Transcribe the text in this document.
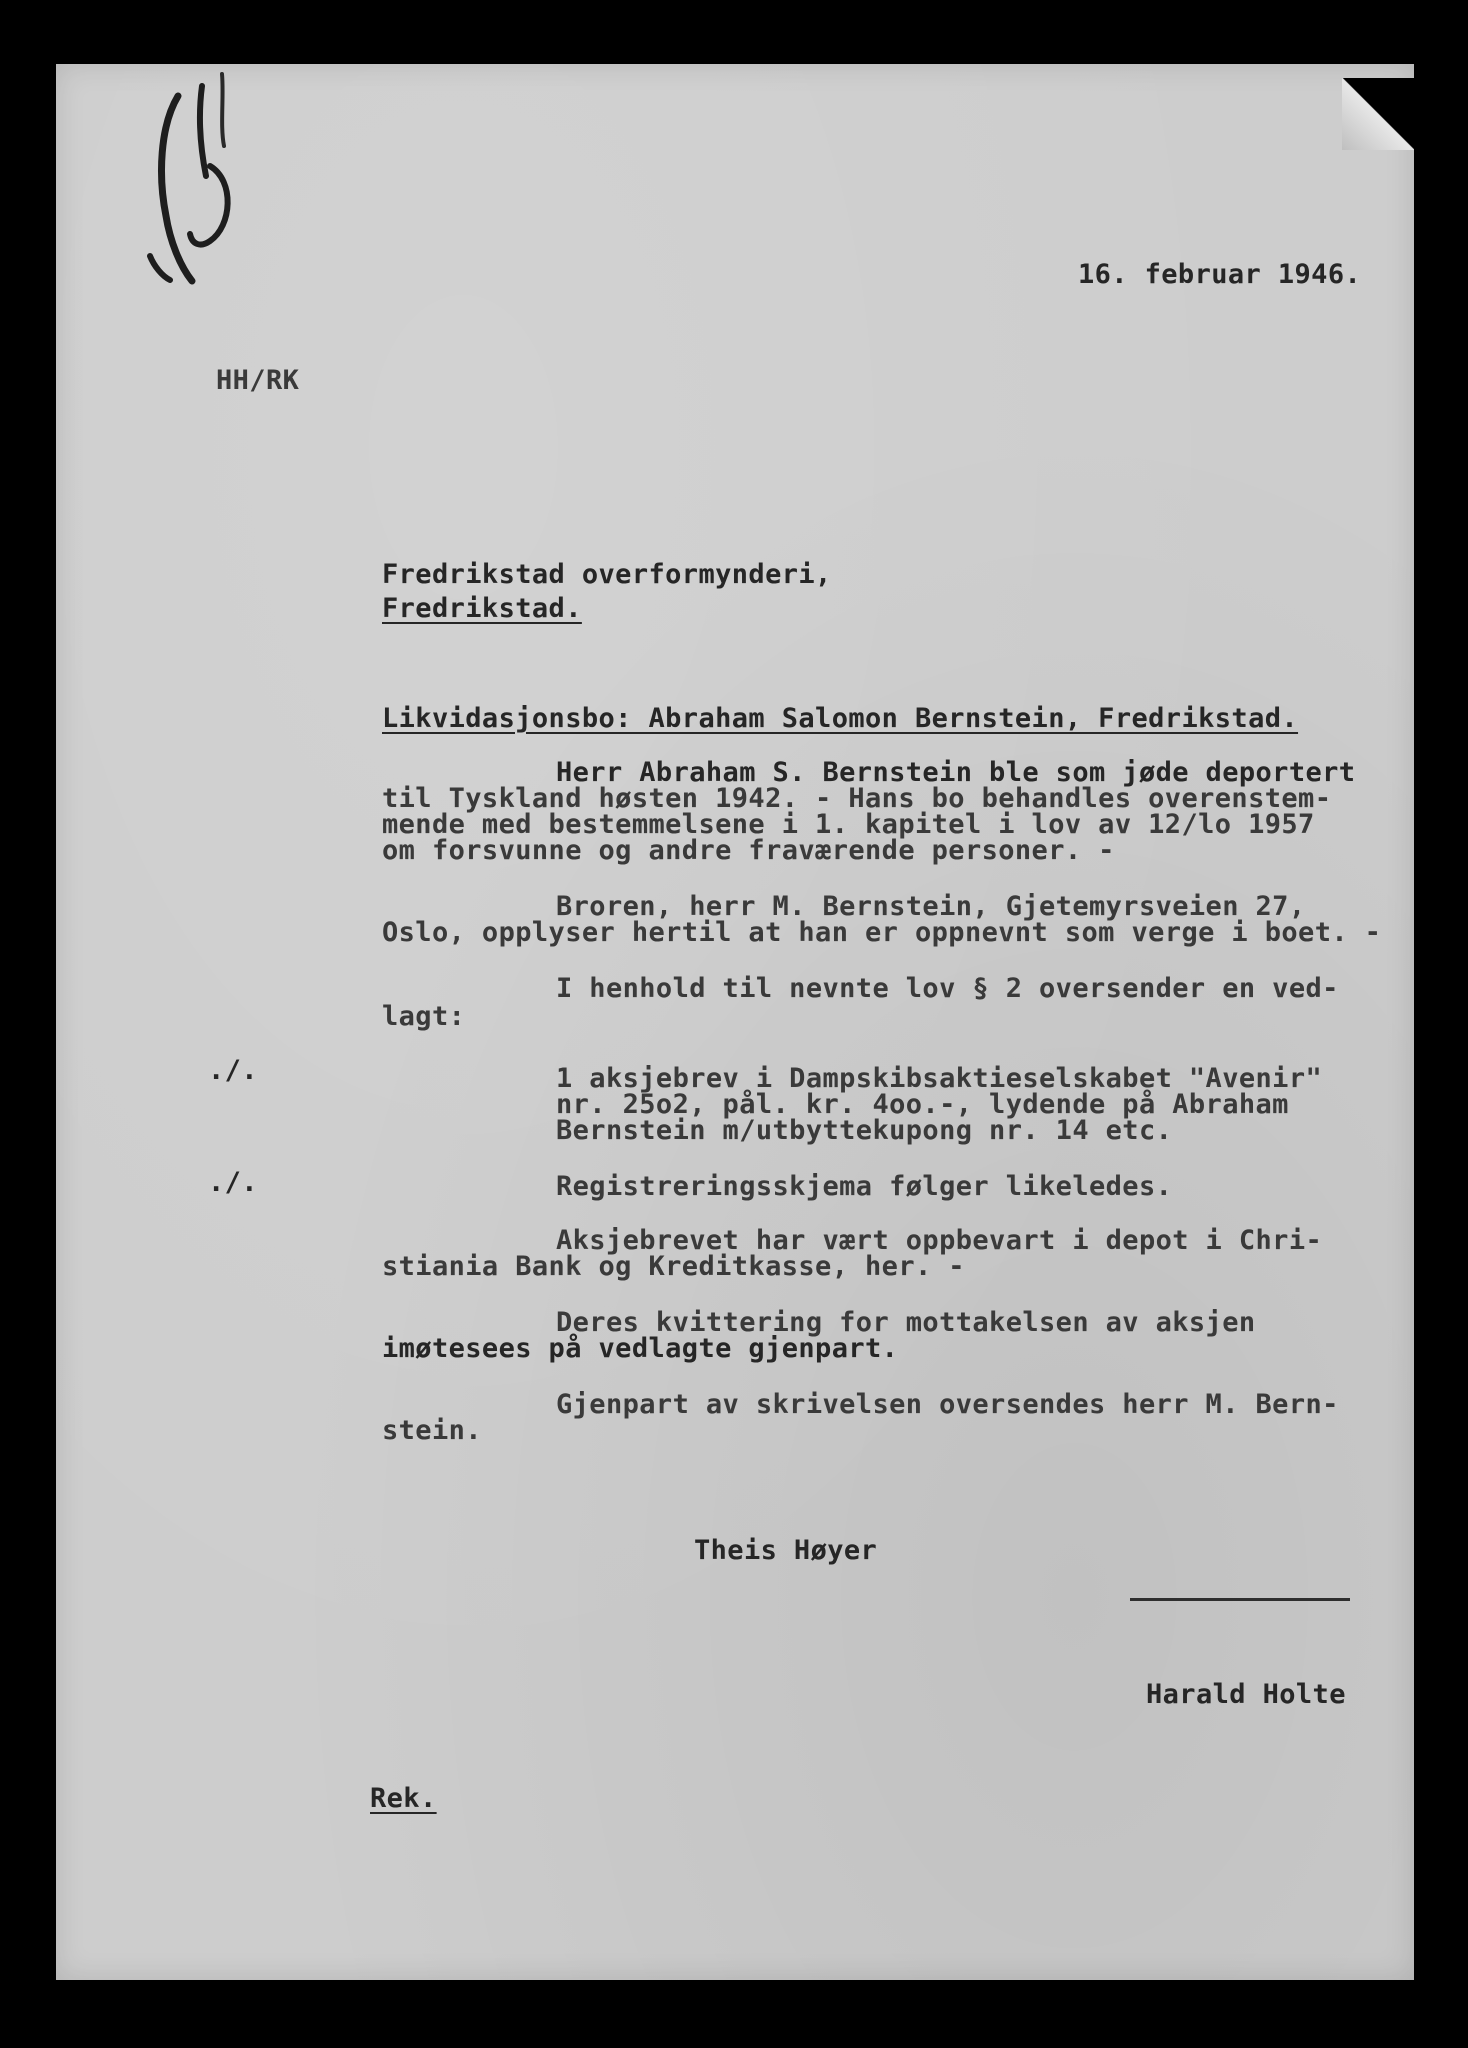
16. februar 1946.
HH/RK
Fredrikstad overformynderi,
Fredrikstad.
Likvidasjonsbo: Abraham Salomon Bernstein, Fredrikstad.
Herr Abraham S. Bernstein ble som jøde deportert
til Tyskland høsten 1942. - Hans bo behandles overenstem-
mende med bestemmelsene i 1. kapitel i lov av 12/lo 1957
om forsvunne og andre fraværende personer. -
Broren, herr M. Bernstein, Gjetemyrsveien 27,
Oslo, opplyser hertil at han er oppnevnt som verge i boet. -
I henhold til nevnte lov § 2 oversender en ved-
lagt:
./.
./.
1 aksjebrev i Dampskibsaktieselskabet "Avenir"
nr. 25o2, pål. kr. 4oo.-, lydende på Abraham
Bernstein m/utbyttekupong nr. 14 etc.
Registreringsskjema følger likeledes.
Aksjebrevet har vært oppbevart i depot i Chri-
stiania Bank og Kreditkasse, her. -
Deres kvittering for mottakelsen av aksjen
imøtesees på vedlagte gjenpart.
Gjenpart av skrivelsen oversendes herr M. Bern-
stein.
Theis Høyer
Harald Holte
Rek.
